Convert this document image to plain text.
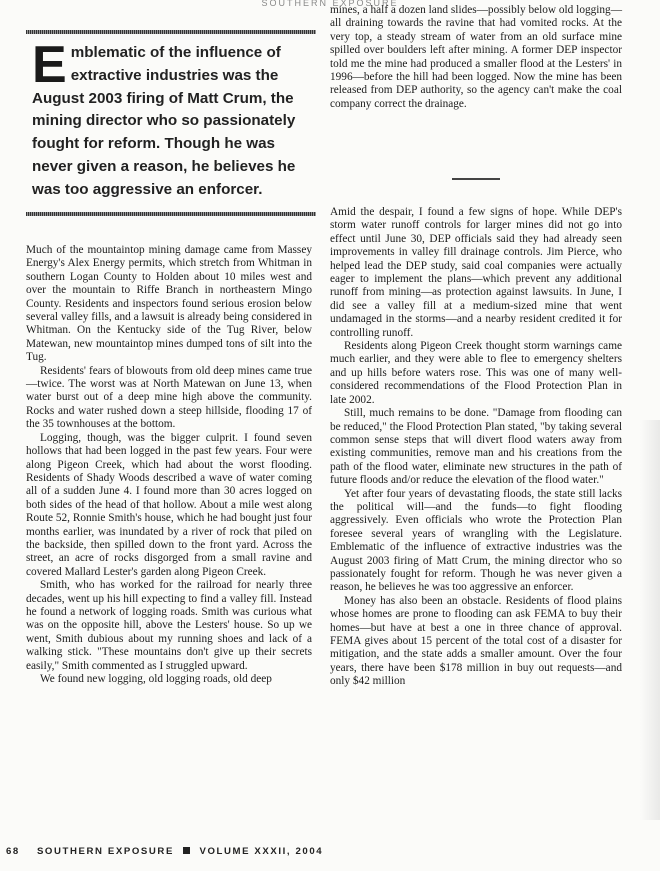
SOUTHERN EXPOSURE
Emblematic of the influence of extractive industries was the August 2003 firing of Matt Crum, the mining director who so passionately fought for reform. Though he was never given a reason, he believes he was too aggressive an enforcer.

Much of the mountaintop mining damage came from Massey Energy's Alex Energy permits, which stretch from Whitman in southern Logan County to Holden about 10 miles west and over the mountain to Riffe Branch in northeastern Mingo County. Residents and inspectors found serious erosion below several valley fills, and a lawsuit is already being considered in Whitman. On the Kentucky side of the Tug River, below Matewan, new mountaintop mines dumped tons of silt into the Tug.

Residents' fears of blowouts from old deep mines came true—twice. The worst was at North Matewan on June 13, when water burst out of a deep mine high above the community. Rocks and water rushed down a steep hillside, flooding 17 of the 35 townhouses at the bottom.

Logging, though, was the bigger culprit. I found seven hollows that had been logged in the past few years. Four were along Pigeon Creek, which had about the worst flooding. Residents of Shady Woods described a wave of water coming all of a sudden June 4. I found more than 30 acres logged on both sides of the head of that hollow. About a mile west along Route 52, Ronnie Smith's house, which he had bought just four months earlier, was inundated by a river of rock that piled on the backside, then spilled down to the front yard. Across the street, an acre of rocks disgorged from a small ravine and covered Mallard Lester's garden along Pigeon Creek.

Smith, who has worked for the railroad for nearly three decades, went up his hill expecting to find a valley fill. Instead he found a network of logging roads. Smith was curious what was on the opposite hill, above the Lesters' house. So up we went, Smith dubious about my running shoes and lack of a walking stick. "These mountains don't give up their secrets easily," Smith commented as I struggled upward.

We found new logging, old logging roads, old deep

mines, a half a dozen land slides—possibly below old logging—all draining towards the ravine that had vomited rocks. At the very top, a steady stream of water from an old surface mine spilled over boulders left after mining. A former DEP inspector told me the mine had produced a smaller flood at the Lesters' in 1996—before the hill had been logged. Now the mine has been released from DEP authority, so the agency can't make the coal company correct the drainage.

Amid the despair, I found a few signs of hope. While DEP's storm water runoff controls for larger mines did not go into effect until June 30, DEP officials said they had already seen improvements in valley fill drainage controls. Jim Pierce, who helped lead the DEP study, said coal companies were actually eager to implement the plans—which prevent any additional runoff from mining—as protection against lawsuits. In June, I did see a valley fill at a medium-sized mine that went undamaged in the storms—and a nearby resident credited it for controlling runoff.

Residents along Pigeon Creek thought storm warnings came much earlier, and they were able to flee to emergency shelters and up hills before waters rose. This was one of many well-considered recommendations of the Flood Protection Plan in late 2002.

Still, much remains to be done. "Damage from flooding can be reduced," the Flood Protection Plan stated, "by taking several common sense steps that will divert flood waters away from existing communities, remove man and his creations from the path of the flood water, eliminate new structures in the path of future floods and/or reduce the elevation of the flood water."

Yet after four years of devastating floods, the state still lacks the political will—and the funds—to fight flooding aggressively. Even officials who wrote the Protection Plan foresee several years of wrangling with the Legislature. Emblematic of the influence of extractive industries was the August 2003 firing of Matt Crum, the mining director who so passionately fought for reform. Though he was never given a reason, he believes he was too aggressive an enforcer.

Money has also been an obstacle. Residents of flood plains whose homes are prone to flooding can ask FEMA to buy their homes—but have at best a one in three chance of approval. FEMA gives about 15 percent of the total cost of a disaster for mitigation, and the state adds a smaller amount. Over the four years, there have been $178 million in buy out requests—and only $42 million

68 SOUTHERN EXPOSURE	VOLUME XXXII, 2004
